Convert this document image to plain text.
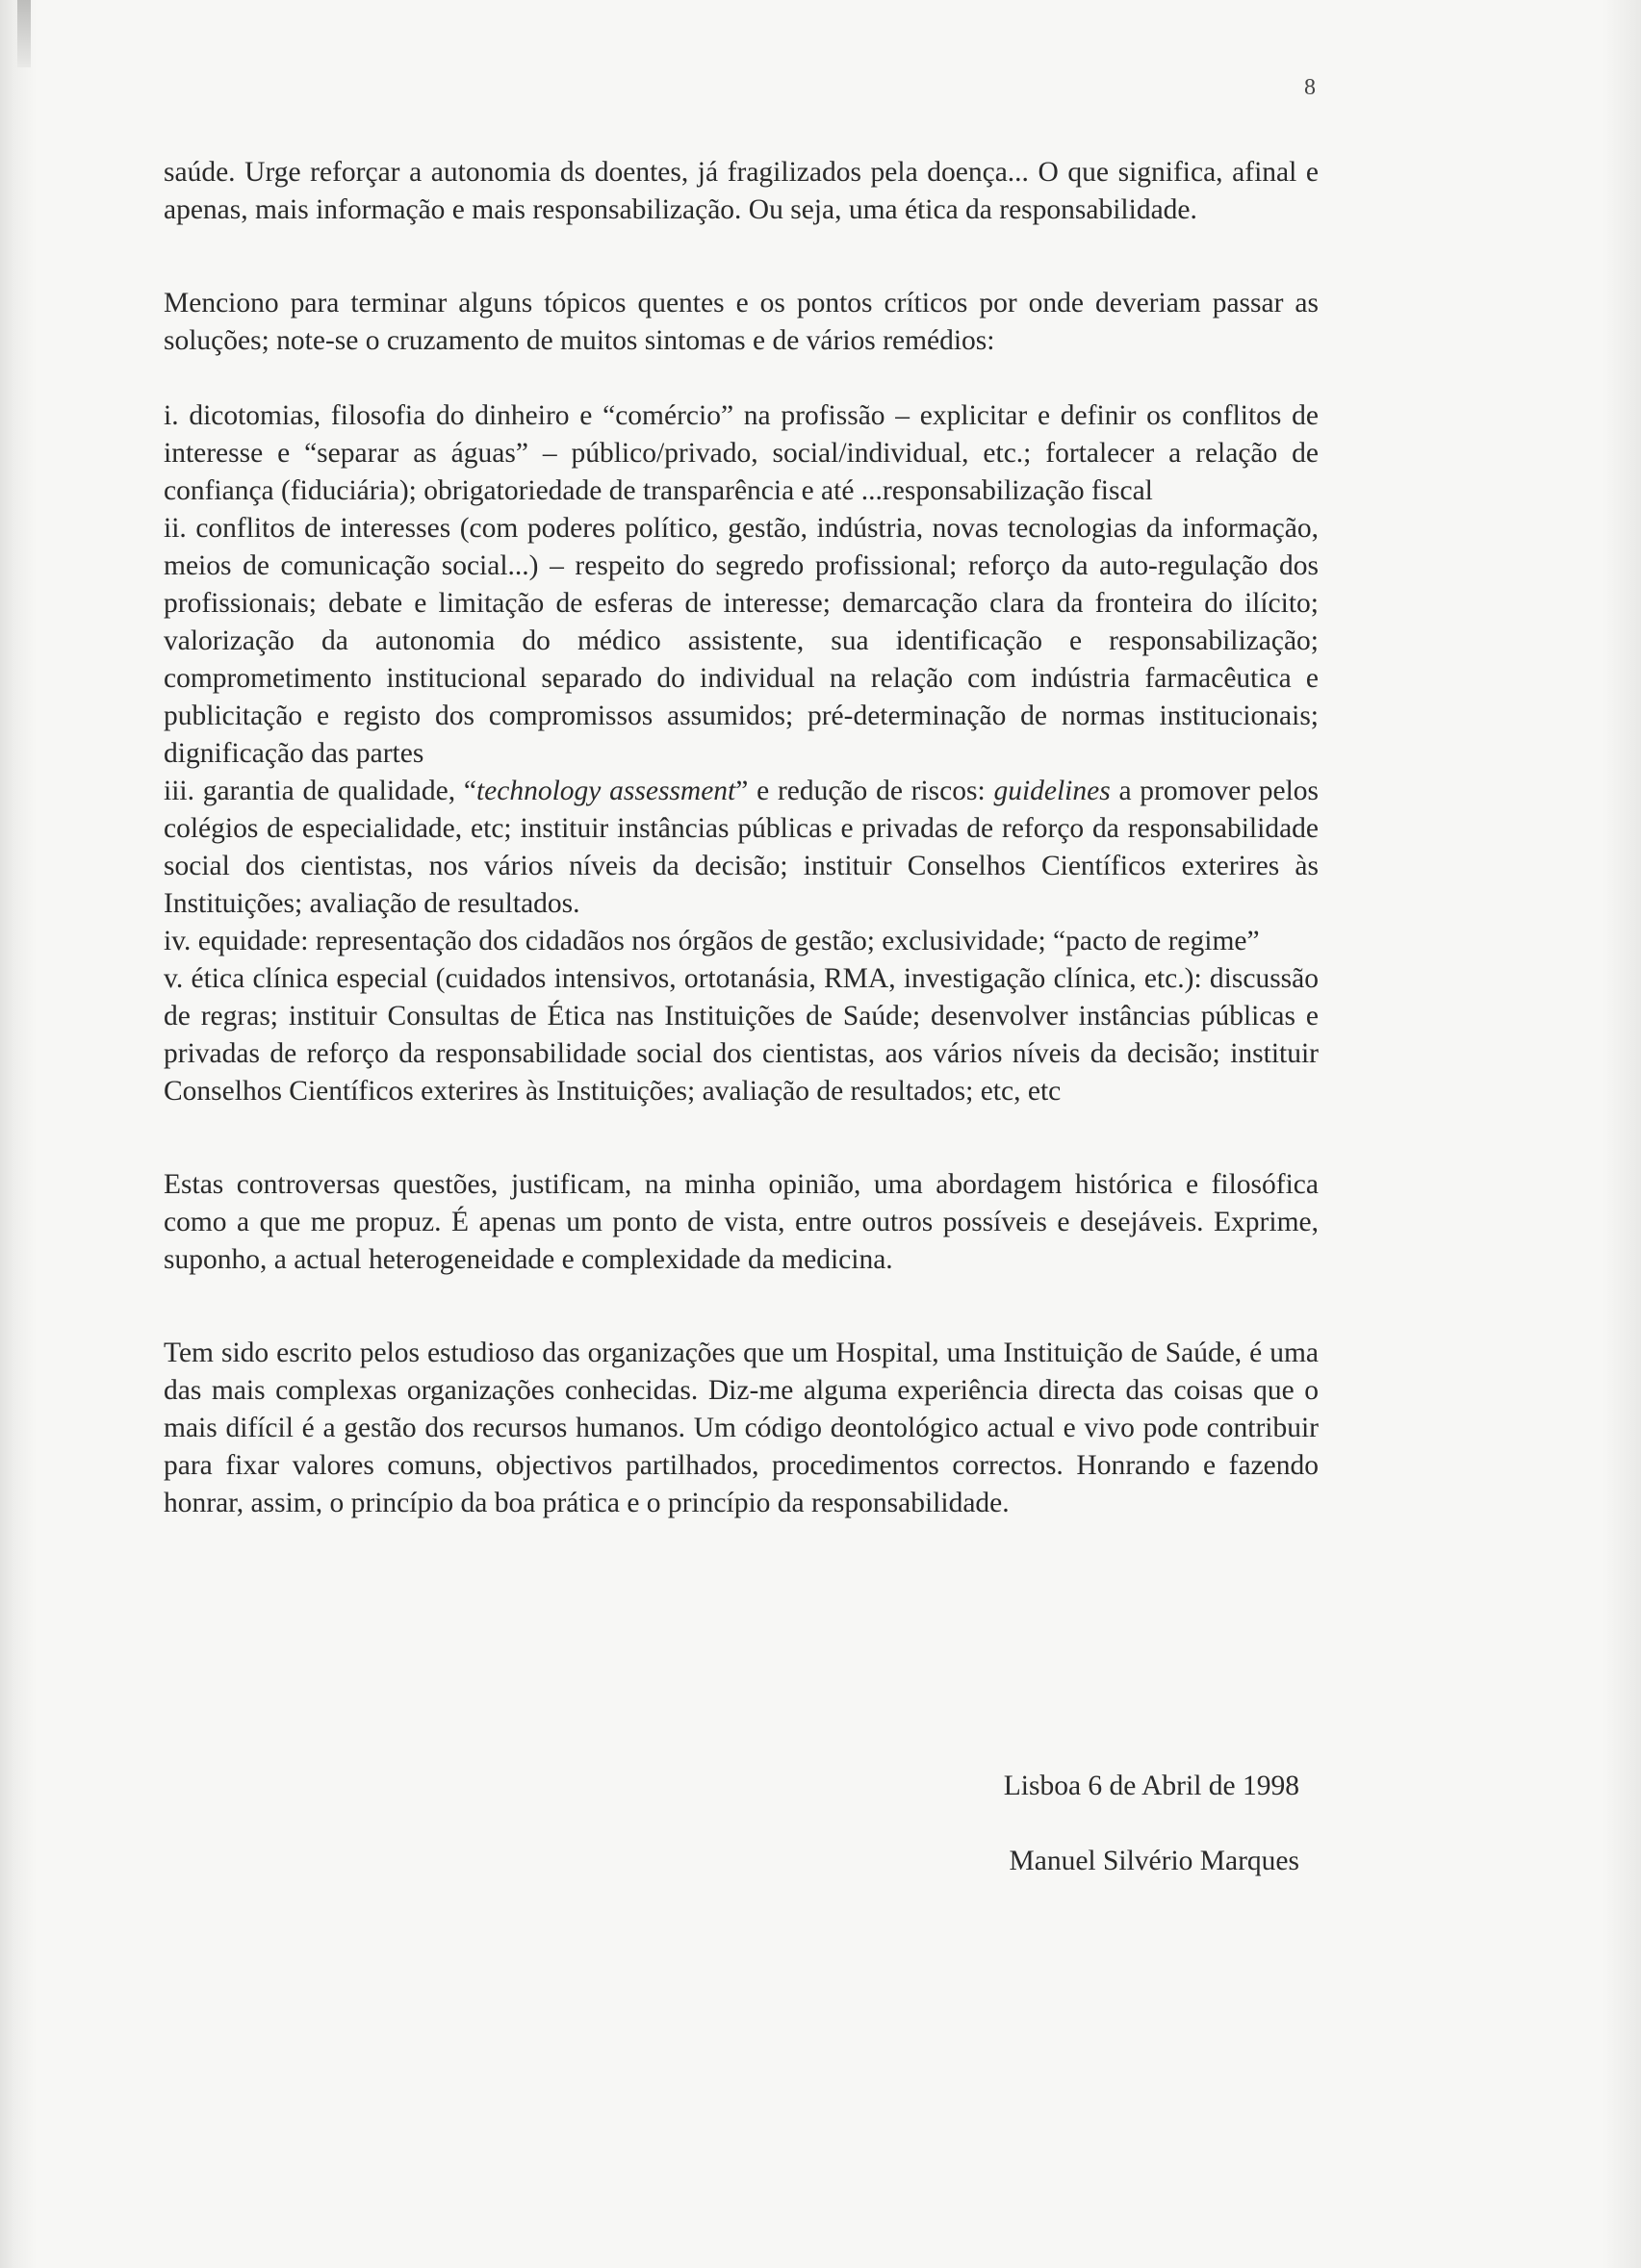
8

saúde. Urge reforçar a autonomia ds doentes, já fragilizados pela doença... O que significa, afinal e apenas, mais informação e mais responsabilização. Ou seja, uma ética da responsabilidade.

Menciono para terminar alguns tópicos quentes e os pontos críticos por onde deveriam passar as soluções; note-se o cruzamento de muitos sintomas e de vários remédios:

i. dicotomias, filosofia do dinheiro e “comércio” na profissão – explicitar e definir os conflitos de interesse e “separar as águas” – público/privado, social/individual, etc.; fortalecer a relação de confiança (fiduciária); obrigatoriedade de transparência e até ...responsabilização fiscal

ii. conflitos de interesses (com poderes político, gestão, indústria, novas tecnologias da informação, meios de comunicação social...) – respeito do segredo profissional; reforço da auto-regulação dos profissionais; debate e limitação de esferas de interesse; demarcação clara da fronteira do ilícito; valorização da autonomia do médico assistente, sua identificação e responsabilização; comprometimento institucional separado do individual na relação com indústria farmacêutica e publicitação e registo dos compromissos assumidos; pré-determinação de normas institucionais; dignificação das partes

iii. garantia de qualidade, “technology assessment” e redução de riscos: guidelines a promover pelos colégios de especialidade, etc; instituir instâncias públicas e privadas de reforço da responsabilidade social dos cientistas, nos vários níveis da decisão; instituir Conselhos Científicos exterires às Instituições; avaliação de resultados.

iv. equidade: representação dos cidadãos nos órgãos de gestão; exclusividade; “pacto de regime”

v. ética clínica especial (cuidados intensivos, ortotanásia, RMA, investigação clínica, etc.): discussão de regras; instituir Consultas de Ética nas Instituições de Saúde; desenvolver instâncias públicas e privadas de reforço da responsabilidade social dos cientistas, aos vários níveis da decisão; instituir Conselhos Científicos exterires às Instituições; avaliação de resultados; etc, etc

Estas controversas questões, justificam, na minha opinião, uma abordagem histórica e filosófica como a que me propuz. É apenas um ponto de vista, entre outros possíveis e desejáveis. Exprime, suponho, a actual heterogeneidade e complexidade da medicina.

Tem sido escrito pelos estudioso das organizações que um Hospital, uma Instituição de Saúde, é uma das mais complexas organizações conhecidas. Diz-me alguma experiência directa das coisas que o mais difícil é a gestão dos recursos humanos. Um código deontológico actual e vivo pode contribuir para fixar valores comuns, objectivos partilhados, procedimentos correctos. Honrando e fazendo honrar, assim, o princípio da boa prática e o princípio da responsabilidade.

Lisboa 6 de Abril de 1998
Manuel Silvério Marques
